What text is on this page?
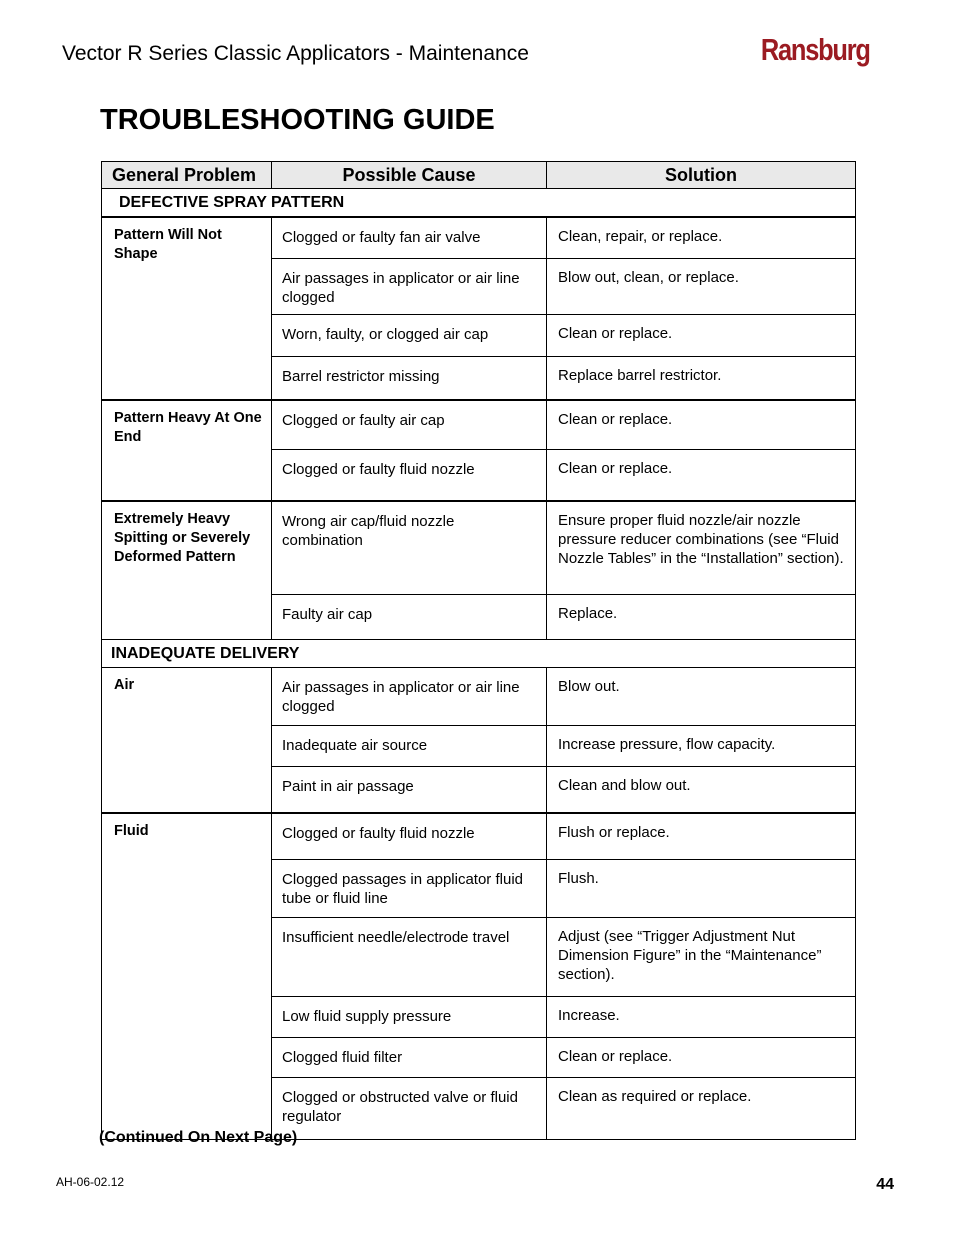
Vector R Series Classic Applicators - Maintenance	Ransburg
TROUBLESHOOTING GUIDE
General Problem	Possible Cause	Solution
DEFECTIVE SPRAY PATTERN		
Pattern Will Not Shape	Clogged or faulty fan air valve	Clean, repair, or replace.
	Air passages in applicator or air line clogged	Blow out, clean, or replace.
	Worn, faulty, or clogged air cap	Clean or replace.
	Barrel restrictor missing	Replace barrel restrictor.
Pattern Heavy At One End	Clogged or faulty air cap	Clean or replace.
	Clogged or faulty fluid nozzle	Clean or replace.
Extremely Heavy Spitting or Severely Deformed Pattern	Wrong air cap/fluid nozzle combination	Ensure proper fluid nozzle/air nozzle pressure reducer combinations (see “Fluid Nozzle Tables” in the “Installation” section).
	Faulty air cap	Replace.
INADEQUATE DELIVERY		
Air	Air passages in applicator or air line clogged	Blow out.
	Inadequate air source	Increase pressure, flow capacity.
	Paint in air passage	Clean and blow out.
Fluid	Clogged or faulty fluid nozzle	Flush or replace.
	Clogged passages in applicator fluid tube or fluid line	Flush.
	Insufficient needle/electrode travel	Adjust (see “Trigger Adjustment Nut Dimension Figure” in the “Maintenance” section).
	Low fluid supply pressure	Increase.
	Clogged fluid filter	Clean or replace.
	Clogged or obstructed valve or fluid regulator	Clean as required or replace.
(Continued On Next Page)
AH-06-02.12	44
